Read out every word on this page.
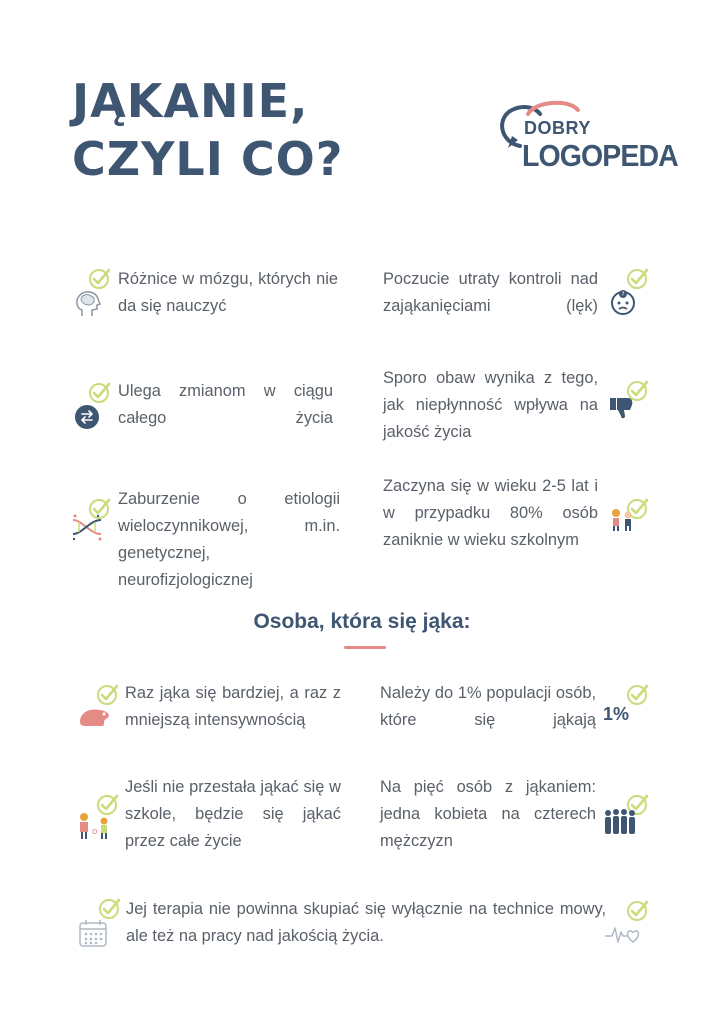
JĄKANIE,
CZYLI CO?
DOBRY
LOGOPEDA
Różnice w mózgu, których nie da się nauczyć
Poczucie utraty kontroli nad zająkanięciami (lęk)
?
Ulega zmianom w ciągu całego życia
Sporo obaw wynika z tego, jak niepłynność wpływa na jakość życia
Zaburzenie o etiologii wieloczynnikowej, m.in. genetycznej, neurofizjologicznej
Zaczyna się w wieku 2-5 lat i w przypadku 80% osób zaniknie w wieku szkolnym
Osoba, która się jąka:
Raz jąka się bardziej, a raz z mniejszą intensywnością
Należy do 1% populacji osób, które się jąkają 1%
o
Jeśli nie przestała jąkać się w szkole, będzie się jąkać przez całe życie
Na pięć osób z jąkaniem: jedna kobieta na czterech mężczyzn
Jej terapia nie powinna skupiać się wyłącznie na technice mowy, ale też na pracy nad jakością życia.
